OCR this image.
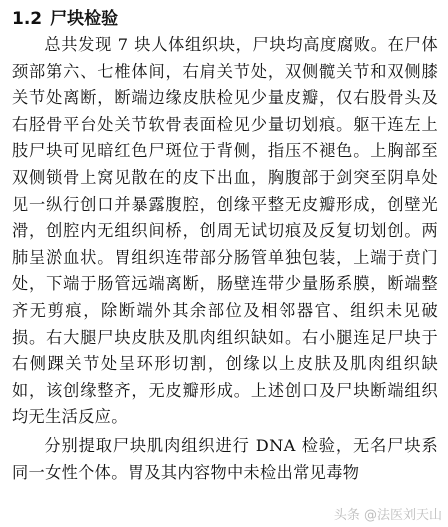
1.2 尸块检验

总共发现 7 块人体组织块，尸块均高度腐败。在尸体颈部第六、七椎体间，右肩关节处，双侧髋关节和双侧膝关节处离断，断端边缘皮肤检见少量皮瓣，仅右股骨头及右胫骨平台处关节软骨表面检见少量切划痕。躯干连左上肢尸块可见暗红色尸斑位于背侧，指压不褪色。上胸部至双侧锁骨上窝见散在的皮下出血，胸腹部于剑突至阴阜处见一纵行创口并暴露腹腔，创缘平整无皮瓣形成，创壁光滑，创腔内无组织间桥，创周无试切痕及反复切划创。两肺呈淤血状。胃组织连带部分肠管单独包装，上端于贲门处，下端于肠管远端离断，肠壁连带少量肠系膜，断端整齐无剪痕，除断端外其余部位及相邻器官、组织未见破损。右大腿尸块皮肤及肌肉组织缺如。右小腿连足尸块于右侧踝关节处呈环形切割，创缘以上皮肤及肌肉组织缺如，该创缘整齐，无皮瓣形成。上述创口及尸块断端组织均无生活反应。

分别提取尸块肌肉组织进行 DNA 检验，无名尸块系同一女性个体。胃及其内容物中未检出常见毒物

头条 @法医刘天山
